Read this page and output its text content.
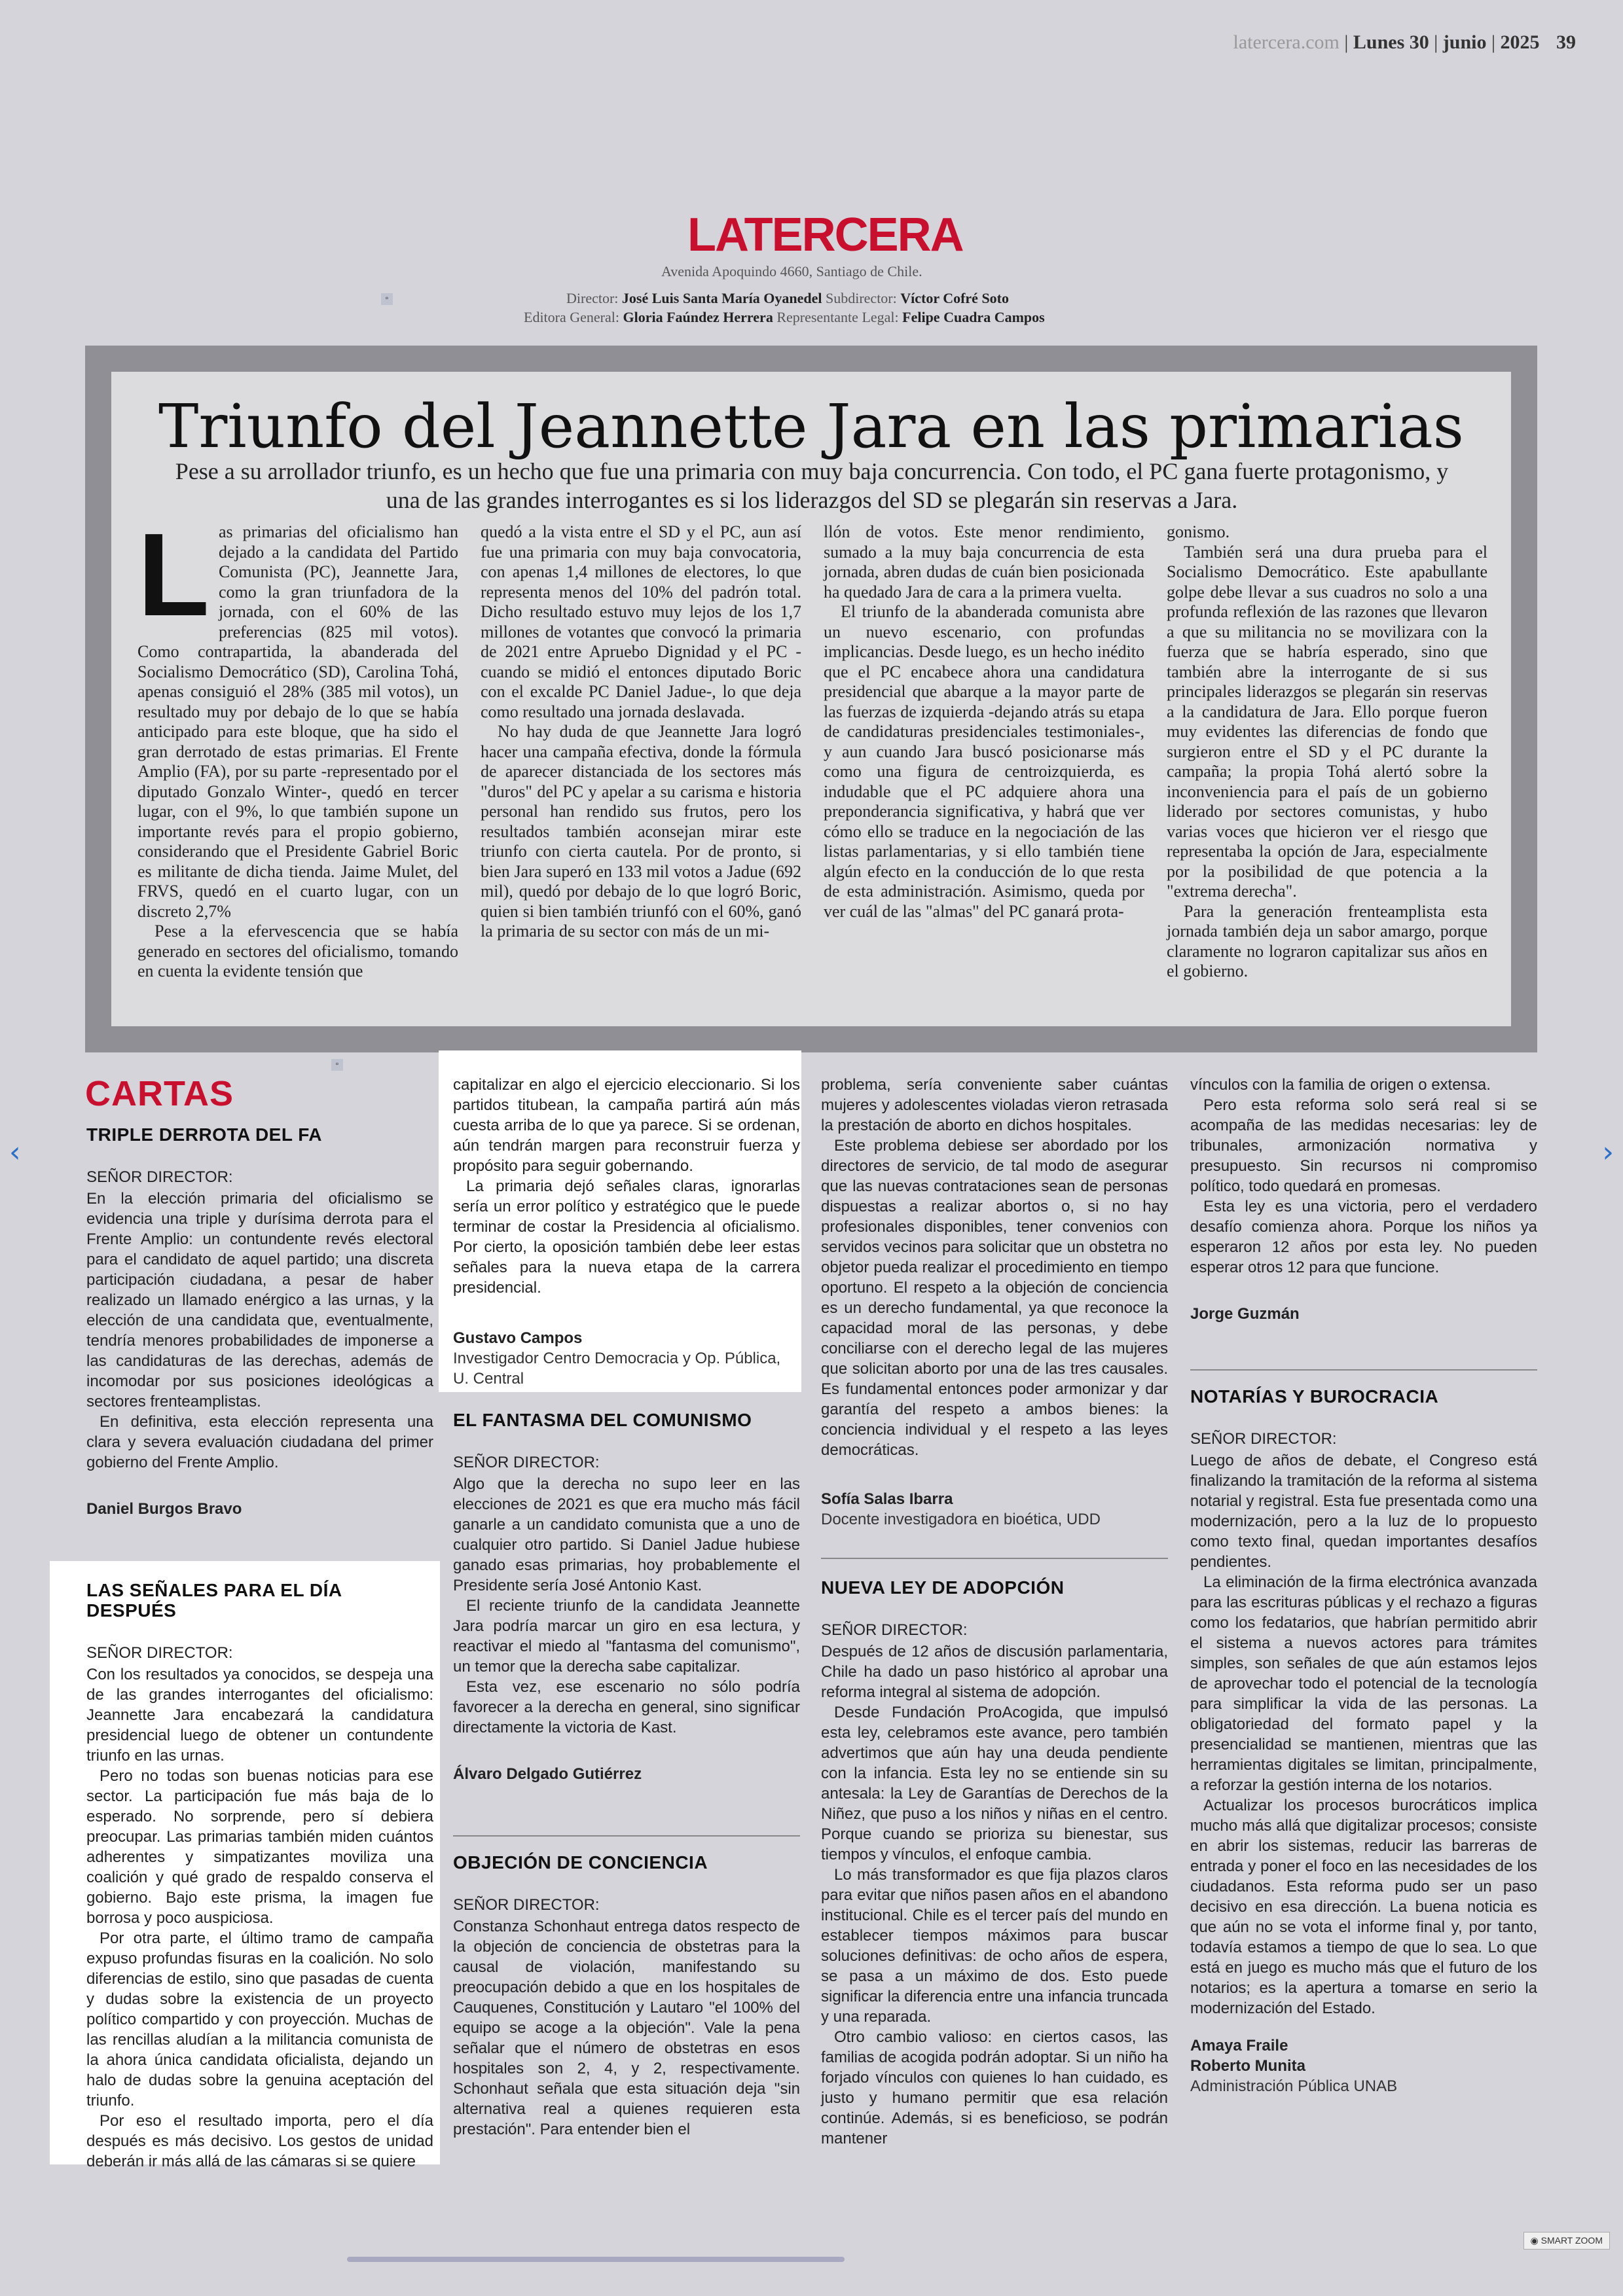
latercera.com | Lunes 30 | junio | 2025 39
LATERCERA
Avenida Apoquindo 4660, Santiago de Chile.
Director: José Luis Santa María Oyanedel Subdirector: Víctor Cofré Soto
Editora General: Gloria Faúndez Herrera Representante Legal: Felipe Cuadra Campos
▫
▫
Triunfo del Jeannette Jara en las primarias
Pese a su arrollador triunfo, es un hecho que fue una primaria con muy baja concurrencia. Con todo, el PC gana fuerte protagonismo, y una de las grandes interrogantes es si los liderazgos del SD se plegarán sin reservas a Jara.
L as primarias del oficialismo han dejado a la candidata del Partido Comunista (PC), Jeannette Jara, como la gran triunfadora de la jornada, con el 60% de las preferencias (825 mil votos). Como contrapartida, la abanderada del Socialismo Democrático (SD), Carolina Tohá, apenas consiguió el 28% (385 mil votos), un resultado muy por debajo de lo que se había anticipado para este bloque, que ha sido el gran derrotado de estas primarias. El Frente Amplio (FA), por su parte -representado por el diputado Gonzalo Winter-, quedó en tercer lugar, con el 9%, lo que también supone un importante revés para el propio gobierno, considerando que el Presidente Gabriel Boric es militante de dicha tienda. Jaime Mulet, del FRVS, quedó en el cuarto lugar, con un discreto 2,7%

Pese a la efervescencia que se había generado en sectores del oficialismo, tomando en cuenta la evidente tensión que

quedó a la vista entre el SD y el PC, aun así fue una primaria con muy baja convocatoria, con apenas 1,4 millones de electores, lo que representa menos del 10% del padrón total. Dicho resultado estuvo muy lejos de los 1,7 millones de votantes que convocó la primaria de 2021 entre Apruebo Dignidad y el PC -cuando se midió el entonces diputado Boric con el excalde PC Daniel Jadue-, lo que deja como resultado una jornada deslavada.

No hay duda de que Jeannette Jara logró hacer una campaña efectiva, donde la fórmula de aparecer distanciada de los sectores más "duros" del PC y apelar a su carisma e historia personal han rendido sus frutos, pero los resultados también aconsejan mirar este triunfo con cierta cautela. Por de pronto, si bien Jara superó en 133 mil votos a Jadue (692 mil), quedó por debajo de lo que logró Boric, quien si bien también triunfó con el 60%, ganó la primaria de su sector con más de un mi-

llón de votos. Este menor rendimiento, sumado a la muy baja concurrencia de esta jornada, abren dudas de cuán bien posicionada ha quedado Jara de cara a la primera vuelta.

El triunfo de la abanderada comunista abre un nuevo escenario, con profundas implicancias. Desde luego, es un hecho inédito que el PC encabece ahora una candidatura presidencial que abarque a la mayor parte de las fuerzas de izquierda -dejando atrás su etapa de candidaturas presidenciales testimoniales-, y aun cuando Jara buscó posicionarse más como una figura de centroizquierda, es indudable que el PC adquiere ahora una preponderancia significativa, y habrá que ver cómo ello se traduce en la negociación de las listas parlamentarias, y si ello también tiene algún efecto en la conducción de lo que resta de esta administración. Asimismo, queda por ver cuál de las "almas" del PC ganará prota-

gonismo.

También será una dura prueba para el Socialismo Democrático. Este apabullante golpe debe llevar a sus cuadros no solo a una profunda reflexión de las razones que llevaron a que su militancia no se movilizara con la fuerza que se habría esperado, sino que también abre la interrogante de si sus principales liderazgos se plegarán sin reservas a la candidatura de Jara. Ello porque fueron muy evidentes las diferencias de fondo que surgieron entre el SD y el PC durante la campaña; la propia Tohá alertó sobre la inconveniencia para el país de un gobierno liderado por sectores comunistas, y hubo varias voces que hicieron ver el riesgo que representaba la opción de Jara, especialmente por la posibilidad de que potencia a la "extrema derecha".

Para la generación frenteamplista esta jornada también deja un sabor amargo, porque claramente no lograron capitalizar sus años en el gobierno.

CARTAS
TRIPLE DERROTA DEL FA
SEÑOR DIRECTOR:

En la elección primaria del oficialismo se evidencia una triple y durísima derrota para el Frente Amplio: un contundente revés electoral para el candidato de aquel partido; una discreta participación ciudadana, a pesar de haber realizado un llamado enérgico a las urnas, y la elección de una candidata que, eventualmente, tendría menores probabilidades de imponerse a las candidaturas de las derechas, además de incomodar por sus posiciones ideológicas a sectores frenteamplistas.

En definitiva, esta elección representa una clara y severa evaluación ciudadana del primer gobierno del Frente Amplio.

Daniel Burgos Bravo
LAS SEÑALES PARA EL DÍA DESPUÉS
SEÑOR DIRECTOR:

Con los resultados ya conocidos, se despeja una de las grandes interrogantes del oficialismo: Jeannette Jara encabezará la candidatura presidencial luego de obtener un contundente triunfo en las urnas.

Pero no todas son buenas noticias para ese sector. La participación fue más baja de lo esperado. No sorprende, pero sí debiera preocupar. Las primarias también miden cuántos adherentes y simpatizantes moviliza una coalición y qué grado de respaldo conserva el gobierno. Bajo este prisma, la imagen fue borrosa y poco auspiciosa.

Por otra parte, el último tramo de campaña expuso profundas fisuras en la coalición. No solo diferencias de estilo, sino que pasadas de cuenta y dudas sobre la existencia de un proyecto político compartido y con proyección. Muchas de las rencillas aludían a la militancia comunista de la ahora única candidata oficialista, dejando un halo de dudas sobre la genuina aceptación del triunfo.

Por eso el resultado importa, pero el día después es más decisivo. Los gestos de unidad deberán ir más allá de las cámaras si se quiere

capitalizar en algo el ejercicio eleccionario. Si los partidos titubean, la campaña partirá aún más cuesta arriba de lo que ya parece. Si se ordenan, aún tendrán margen para reconstruir fuerza y propósito para seguir gobernando.

La primaria dejó señales claras, ignorarlas sería un error político y estratégico que le puede terminar de costar la Presidencia al oficialismo. Por cierto, la oposición también debe leer estas señales para la nueva etapa de la carrera presidencial.

Gustavo Campos
Investigador Centro Democracia y Op. Pública, U. Central
EL FANTASMA DEL COMUNISMO
SEÑOR DIRECTOR:

Algo que la derecha no supo leer en las elecciones de 2021 es que era mucho más fácil ganarle a un candidato comunista que a uno de cualquier otro partido. Si Daniel Jadue hubiese ganado esas primarias, hoy probablemente el Presidente sería José Antonio Kast.

El reciente triunfo de la candidata Jeannette Jara podría marcar un giro en esa lectura, y reactivar el miedo al "fantasma del comunismo", un temor que la derecha sabe capitalizar.

Esta vez, ese escenario no sólo podría favorecer a la derecha en general, sino significar directamente la victoria de Kast.

Álvaro Delgado Gutiérrez
OBJECIÓN DE CONCIENCIA
SEÑOR DIRECTOR:

Constanza Schonhaut entrega datos respecto de la objeción de conciencia de obstetras para la causal de violación, manifestando su preocupación debido a que en los hospitales de Cauquenes, Constitución y Lautaro "el 100% del equipo se acoge a la objeción". Vale la pena señalar que el número de obstetras en esos hospitales son 2, 4, y 2, respectivamente. Schonhaut señala que esta situación deja "sin alternativa real a quienes requieren esta prestación". Para entender bien el

problema, sería conveniente saber cuántas mujeres y adolescentes violadas vieron retrasada la prestación de aborto en dichos hospitales.

Este problema debiese ser abordado por los directores de servicio, de tal modo de asegurar que las nuevas contrataciones sean de personas dispuestas a realizar abortos o, si no hay profesionales disponibles, tener convenios con servidos vecinos para solicitar que un obstetra no objetor pueda realizar el procedimiento en tiempo oportuno. El respeto a la objeción de conciencia es un derecho fundamental, ya que reconoce la capacidad moral de las personas, y debe conciliarse con el derecho legal de las mujeres que solicitan aborto por una de las tres causales. Es fundamental entonces poder armonizar y dar garantía del respeto a ambos bienes: la conciencia individual y el respeto a las leyes democráticas.

Sofía Salas Ibarra
Docente investigadora en bioética, UDD
NUEVA LEY DE ADOPCIÓN
SEÑOR DIRECTOR:

Después de 12 años de discusión parlamentaria, Chile ha dado un paso histórico al aprobar una reforma integral al sistema de adopción.

Desde Fundación ProAcogida, que impulsó esta ley, celebramos este avance, pero también advertimos que aún hay una deuda pendiente con la infancia. Esta ley no se entiende sin su antesala: la Ley de Garantías de Derechos de la Niñez, que puso a los niños y niñas en el centro. Porque cuando se prioriza su bienestar, sus tiempos y vínculos, el enfoque cambia.

Lo más transformador es que fija plazos claros para evitar que niños pasen años en el abandono institucional. Chile es el tercer país del mundo en establecer tiempos máximos para buscar soluciones definitivas: de ocho años de espera, se pasa a un máximo de dos. Esto puede significar la diferencia entre una infancia truncada y una reparada.

Otro cambio valioso: en ciertos casos, las familias de acogida podrán adoptar. Si un niño ha forjado vínculos con quienes lo han cuidado, es justo y humano permitir que esa relación continúe. Además, si es beneficioso, se podrán mantener

vínculos con la familia de origen o extensa.

Pero esta reforma solo será real si se acompaña de las medidas necesarias: ley de tribunales, armonización normativa y presupuesto. Sin recursos ni compromiso político, todo quedará en promesas.

Esta ley es una victoria, pero el verdadero desafío comienza ahora. Porque los niños ya esperaron 12 años por esta ley. No pueden esperar otros 12 para que funcione.

Jorge Guzmán
NOTARÍAS Y BUROCRACIA
SEÑOR DIRECTOR:

Luego de años de debate, el Congreso está finalizando la tramitación de la reforma al sistema notarial y registral. Esta fue presentada como una modernización, pero a la luz de lo propuesto como texto final, quedan importantes desafíos pendientes.

La eliminación de la firma electrónica avanzada para las escrituras públicas y el rechazo a figuras como los fedatarios, que habrían permitido abrir el sistema a nuevos actores para trámites simples, son señales de que aún estamos lejos de aprovechar todo el potencial de la tecnología para simplificar la vida de las personas. La obligatoriedad del formato papel y la presencialidad se mantienen, mientras que las herramientas digitales se limitan, principalmente, a reforzar la gestión interna de los notarios.

Actualizar los procesos burocráticos implica mucho más allá que digitalizar procesos; consiste en abrir los sistemas, reducir las barreras de entrada y poner el foco en las necesidades de los ciudadanos. Esta reforma pudo ser un paso decisivo en esa dirección. La buena noticia es que aún no se vota el informe final y, por tanto, todavía estamos a tiempo de que lo sea. Lo que está en juego es mucho más que el futuro de los notarios; es la apertura a tomarse en serio la modernización del Estado.

Amaya Fraile
Roberto Munita
Administración Pública UNAB
‹	›
◉ SMART ZOOM
